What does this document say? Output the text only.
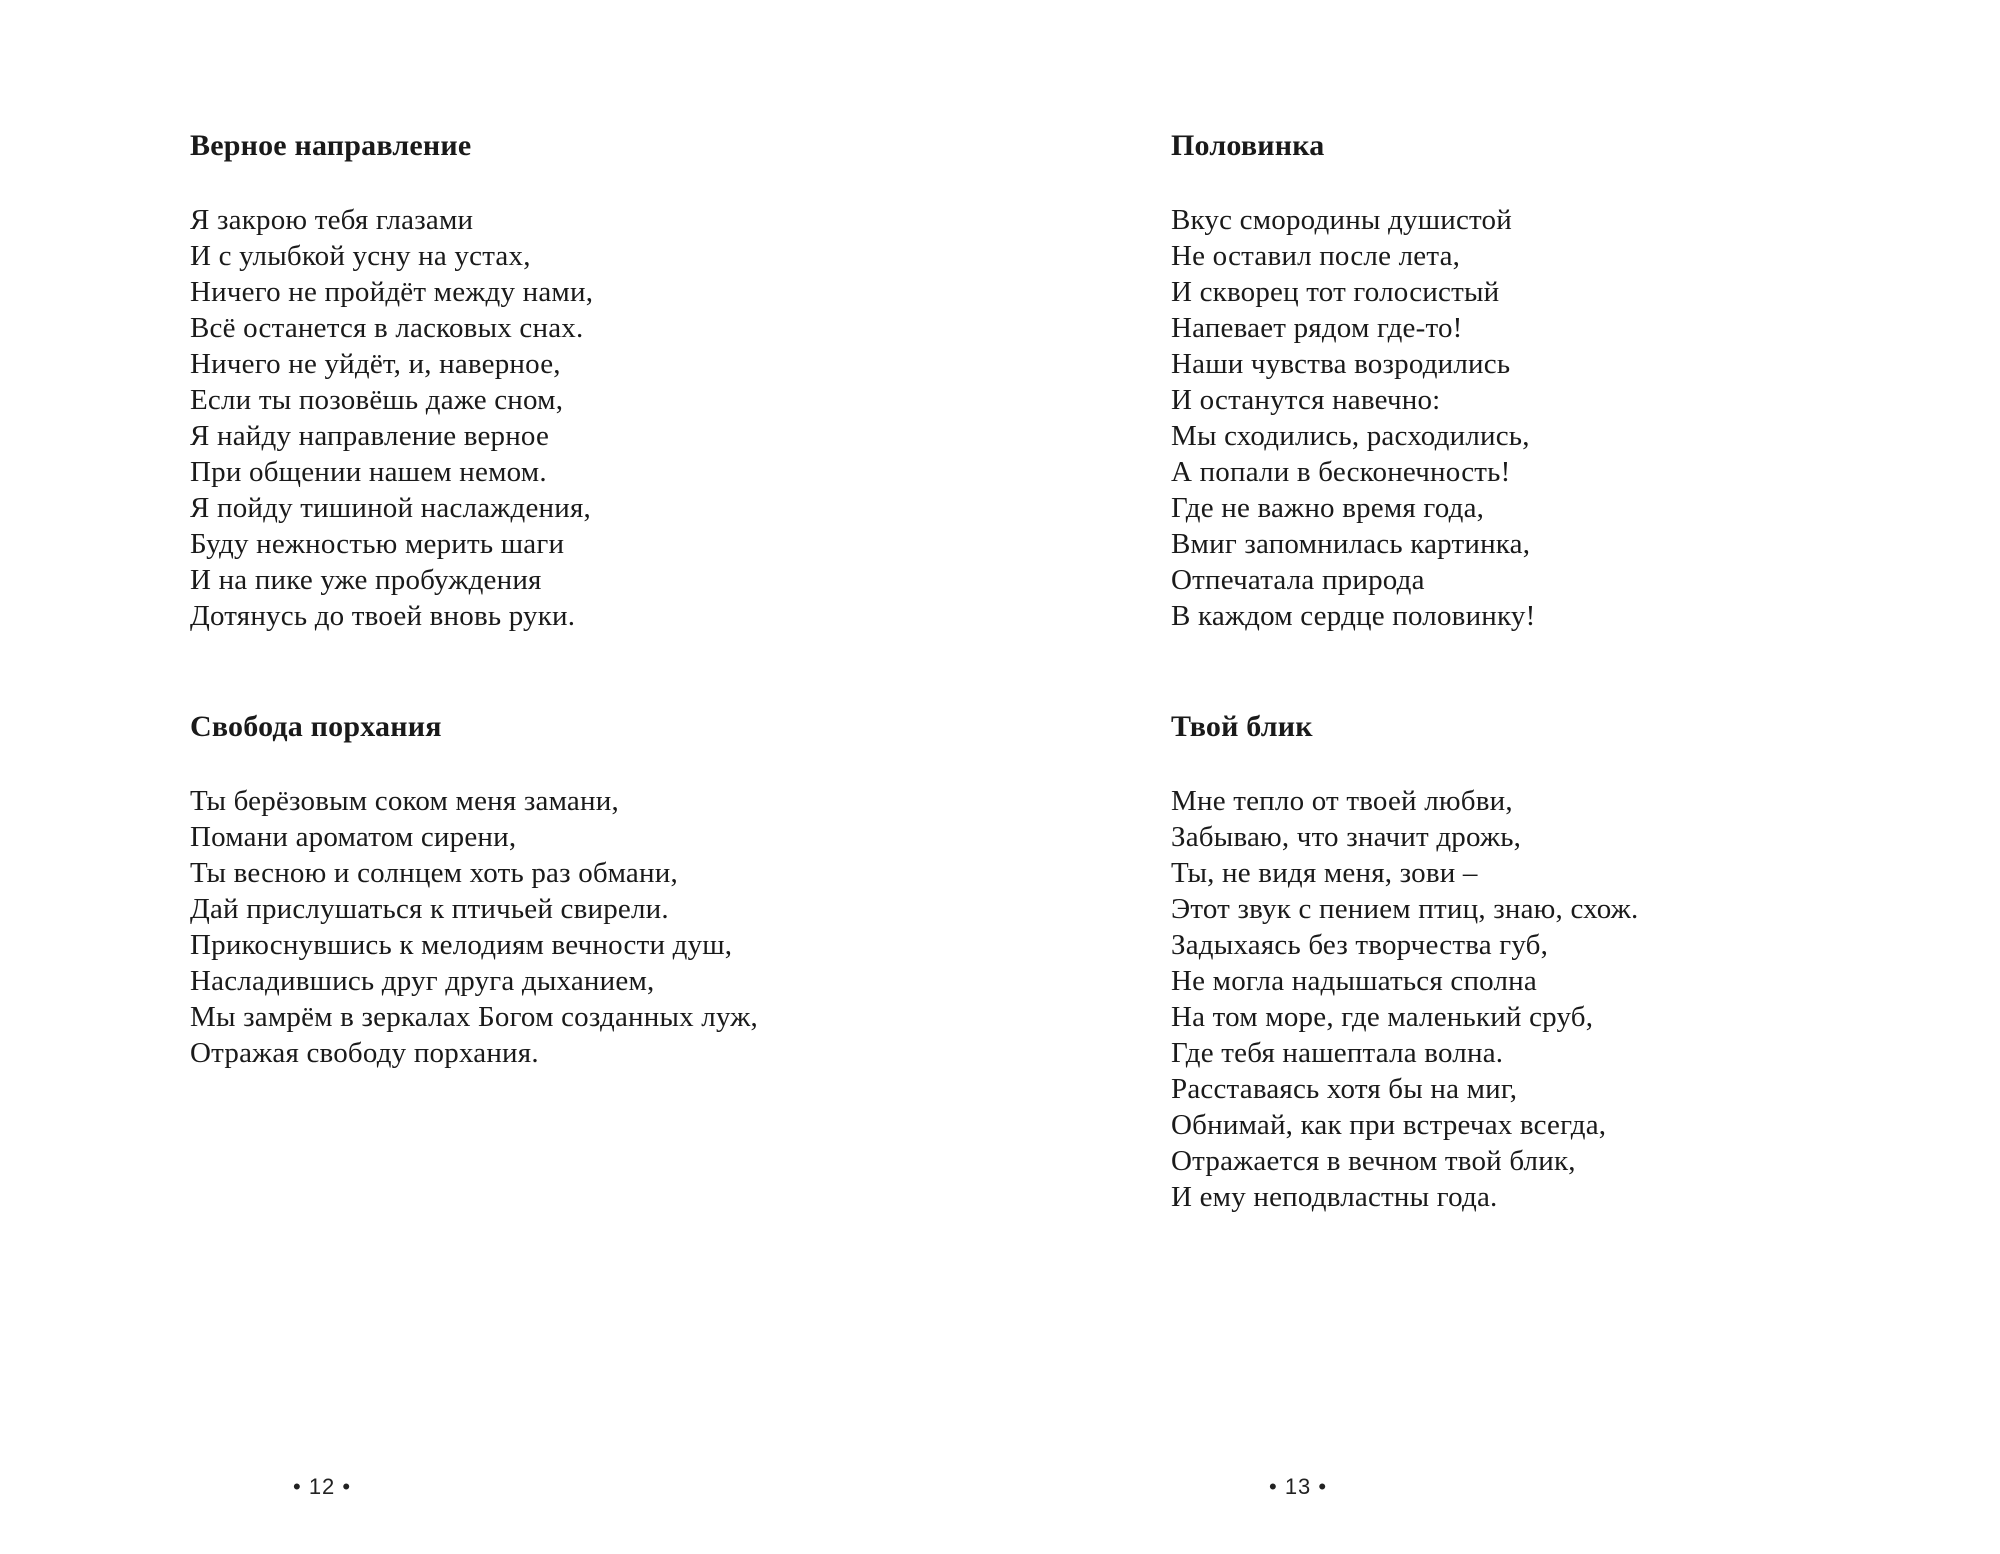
Верное направление
Я закрою тебя глазами
И с улыбкой усну на устах,
Ничего не пройдёт между нами,
Всё останется в ласковых снах.
Ничего не уйдёт, и, наверное,
Если ты позовёшь даже сном,
Я найду направление верное
При общении нашем немом.
Я пойду тишиной наслаждения,
Буду нежностью мерить шаги
И на пике уже пробуждения
Дотянусь до твоей вновь руки.
Свобода порхания
Ты берёзовым соком меня замани,
Помани ароматом сирени,
Ты весною и солнцем хоть раз обмани,
Дай прислушаться к птичьей свирели.
Прикоснувшись к мелодиям вечности душ,
Насладившись друг друга дыханием,
Мы замрём в зеркалах Богом созданных луж,
Отражая свободу порхания.
• 12 •
Половинка
Вкус смородины душистой
Не оставил после лета,
И скворец тот голосистый
Напевает рядом где-то!
Наши чувства возродились
И останутся навечно:
Мы сходились, расходились,
А попали в бесконечность!
Где не важно время года,
Вмиг запомнилась картинка,
Отпечатала природа
В каждом сердце половинку!
Твой блик
Мне тепло от твоей любви,
Забываю, что значит дрожь,
Ты, не видя меня, зови –
Этот звук с пением птиц, знаю, схож.
Задыхаясь без творчества губ,
Не могла надышаться сполна
На том море, где маленький сруб,
Где тебя нашептала волна.
Расставаясь хотя бы на миг,
Обнимай, как при встречах всегда,
Отражается в вечном твой блик,
И ему неподвластны года.
• 13 •
